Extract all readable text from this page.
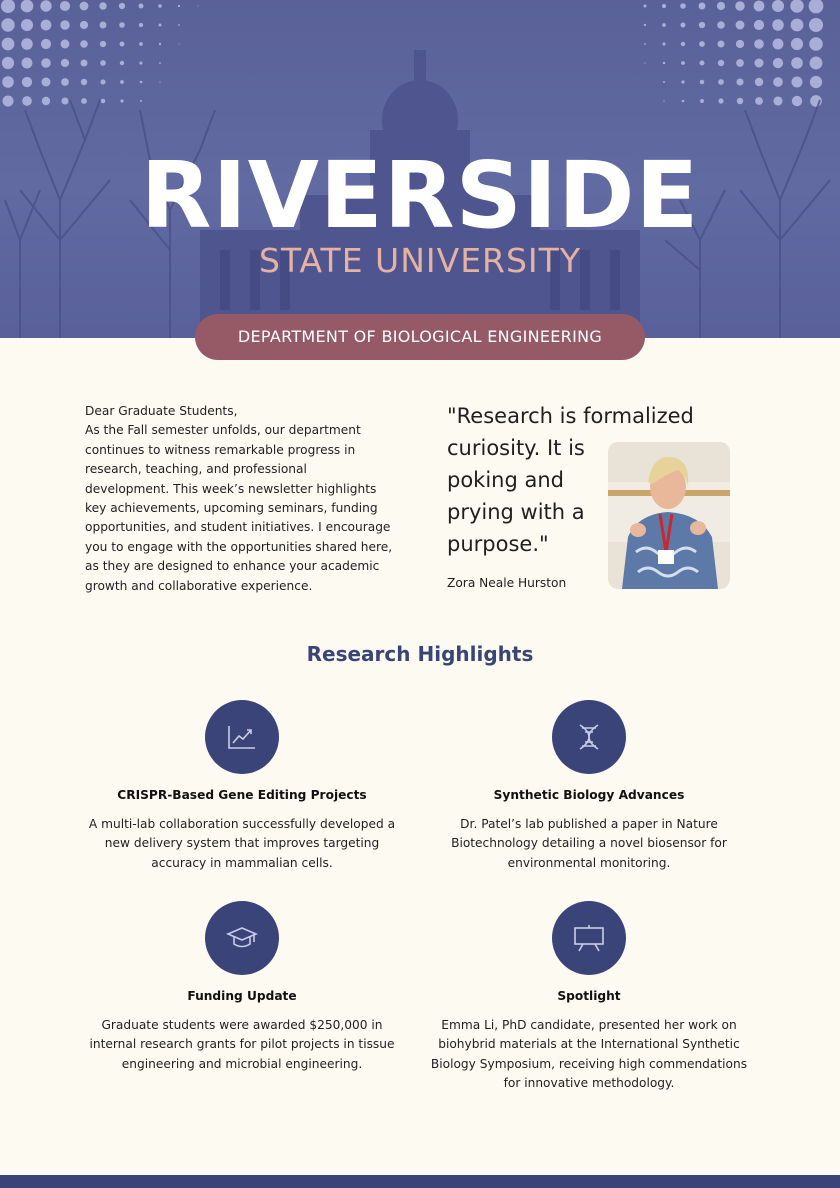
RIVERSIDE
STATE UNIVERSITY
DEPARTMENT OF BIOLOGICAL ENGINEERING

Dear Graduate Students,

As the Fall semester unfolds, our department continues to witness remarkable progress in research, teaching, and professional development. This week’s newsletter highlights key achievements, upcoming seminars, funding opportunities, and student initiatives. I encourage you to engage with the opportunities shared here, as they are designed to enhance your academic growth and collaborative experience.

"Research is formalized
curiosity. It is poking and prying with a purpose."
Zora Neale Hurston
Research Highlights
CRISPR-Based Gene Editing Projects
A multi-lab collaboration successfully developed a new delivery system that improves targeting accuracy in mammalian cells.
Synthetic Biology Advances
Dr. Patel’s lab published a paper in Nature Biotechnology detailing a novel biosensor for environmental monitoring.
Funding Update
Graduate students were awarded $250,000 in internal research grants for pilot projects in tissue engineering and microbial engineering.
Spotlight
Emma Li, PhD candidate, presented her work on biohybrid materials at the International Synthetic Biology Symposium, receiving high commendations for innovative methodology.
